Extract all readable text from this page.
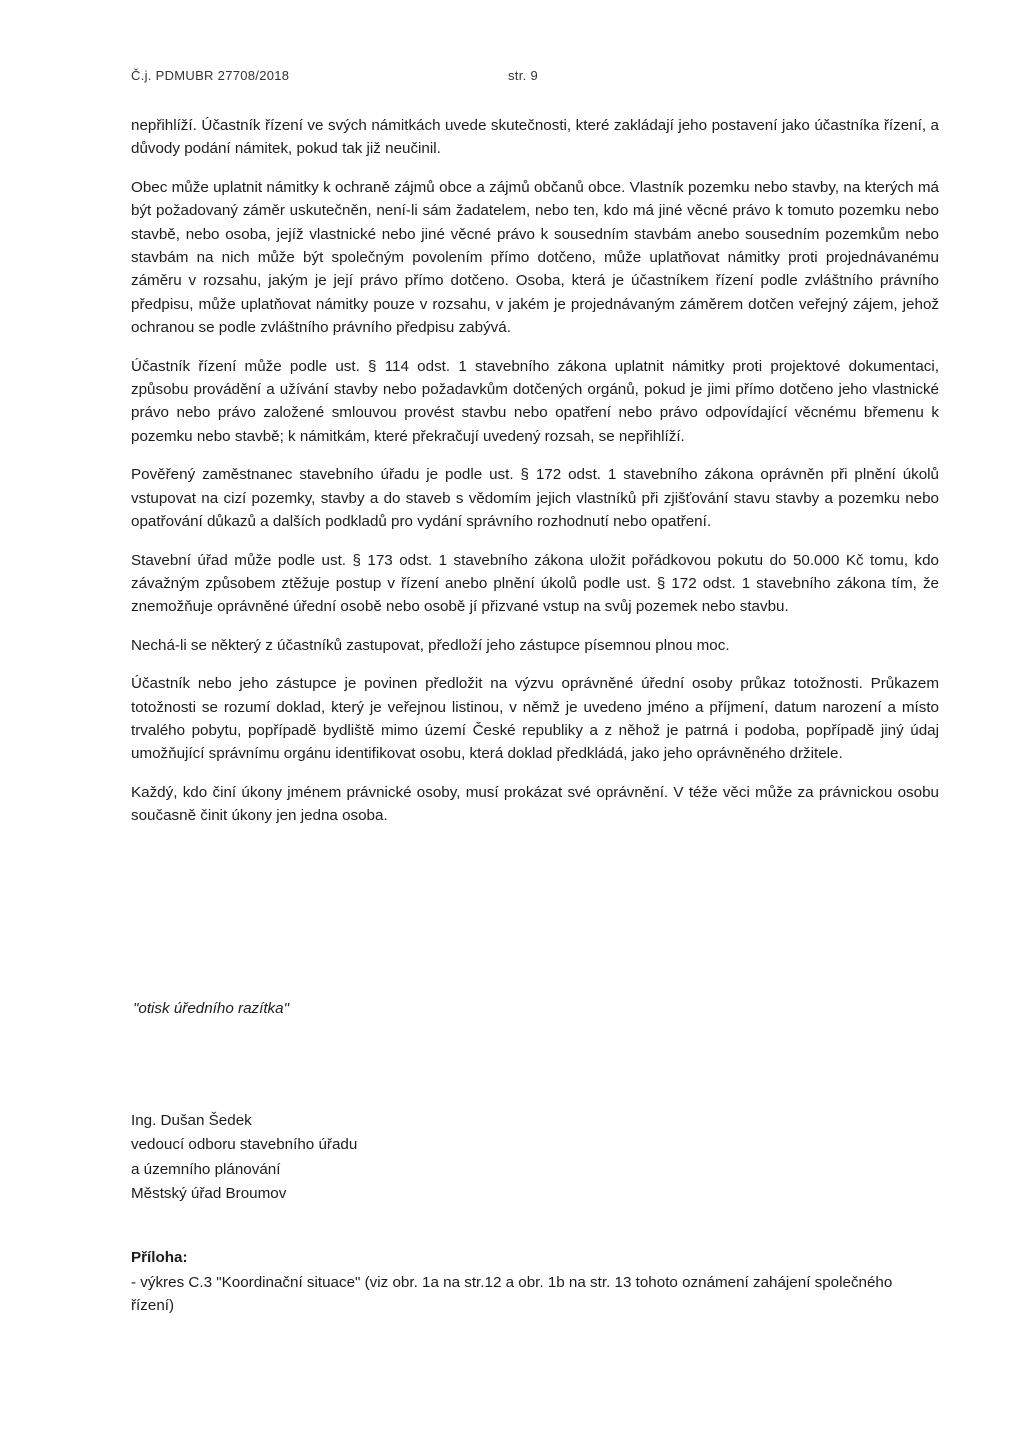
Č.j. PDMUBR 27708/2018	str. 9

nepřihlíží. Účastník řízení ve svých námitkách uvede skutečnosti, které zakládají jeho postavení jako účastníka řízení, a důvody podání námitek, pokud tak již neučinil.

Obec může uplatnit námitky k ochraně zájmů obce a zájmů občanů obce. Vlastník pozemku nebo stavby, na kterých má být požadovaný záměr uskutečněn, není-li sám žadatelem, nebo ten, kdo má jiné věcné právo k tomuto pozemku nebo stavbě, nebo osoba, jejíž vlastnické nebo jiné věcné právo k sousedním stavbám anebo sousedním pozemkům nebo stavbám na nich může být společným povolením přímo dotčeno, může uplatňovat námitky proti projednávanému záměru v rozsahu, jakým je její právo přímo dotčeno. Osoba, která je účastníkem řízení podle zvláštního právního předpisu, může uplatňovat námitky pouze v rozsahu, v jakém je projednávaným záměrem dotčen veřejný zájem, jehož ochranou se podle zvláštního právního předpisu zabývá.

Účastník řízení může podle ust. § 114 odst. 1 stavebního zákona uplatnit námitky proti projektové dokumentaci, způsobu provádění a užívání stavby nebo požadavkům dotčených orgánů, pokud je jimi přímo dotčeno jeho vlastnické právo nebo právo založené smlouvou provést stavbu nebo opatření nebo právo odpovídající věcnému břemenu k pozemku nebo stavbě; k námitkám, které překračují uvedený rozsah, se nepřihlíží.

Pověřený zaměstnanec stavebního úřadu je podle ust. § 172 odst. 1 stavebního zákona oprávněn při plnění úkolů vstupovat na cizí pozemky, stavby a do staveb s vědomím jejich vlastníků při zjišťování stavu stavby a pozemku nebo opatřování důkazů a dalších podkladů pro vydání správního rozhodnutí nebo opatření.

Stavební úřad může podle ust. § 173 odst. 1 stavebního zákona uložit pořádkovou pokutu do 50.000 Kč tomu, kdo závažným způsobem ztěžuje postup v řízení anebo plnění úkolů podle ust. § 172 odst. 1 stavebního zákona tím, že znemožňuje oprávněné úřední osobě nebo osobě jí přizvané vstup na svůj pozemek nebo stavbu.

Nechá-li se některý z účastníků zastupovat, předloží jeho zástupce písemnou plnou moc.

Účastník nebo jeho zástupce je povinen předložit na výzvu oprávněné úřední osoby průkaz totožnosti. Průkazem totožnosti se rozumí doklad, který je veřejnou listinou, v němž je uvedeno jméno a příjmení, datum narození a místo trvalého pobytu, popřípadě bydliště mimo území České republiky a z něhož je patrná i podoba, popřípadě jiný údaj umožňující správnímu orgánu identifikovat osobu, která doklad předkládá, jako jeho oprávněného držitele.

Každý, kdo činí úkony jménem právnické osoby, musí prokázat své oprávnění. V téže věci může za právnickou osobu současně činit úkony jen jedna osoba.

"otisk úředního razítka"
Ing. Dušan Šedek
vedoucí odboru stavebního úřadu
a územního plánování
Městský úřad Broumov
Příloha:
- výkres C.3 "Koordinační situace" (viz obr. 1a na str.12 a obr. 1b na str. 13 tohoto oznámení zahájení společného řízení)
